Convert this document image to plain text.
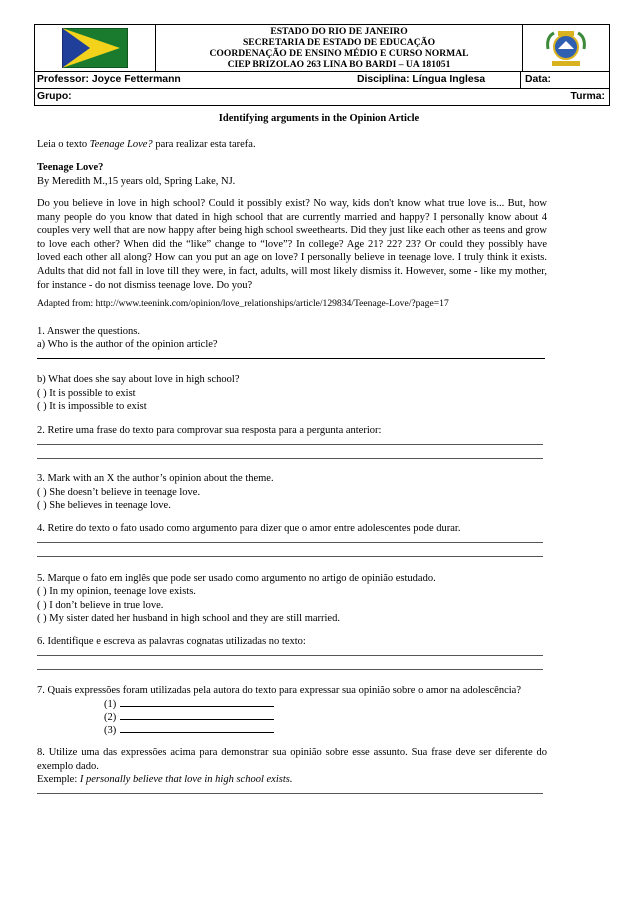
ESTADO DO RIO DE JANEIRO
SECRETARIA DE ESTADO DE EDUCAÇÃO
COORDENAÇÃO DE ENSINO MÉDIO E CURSO NORMAL
CIEP BRIZOLAO 263 LINA BO BARDI – UA 181051
Professor: Joyce Fettermann	Disciplina: Língua Inglesa	Data:
Grupo:	Turma:
Identifying arguments in the Opinion Article
Leia o texto Teenage Love? para realizar esta tarefa.
Teenage Love?
By Meredith M.,15 years old, Spring Lake, NJ.
Do you believe in love in high school? Could it possibly exist? No way, kids don't know what true love is... But, how many people do you know that dated in high school that are currently married and happy? I personally know about 4 couples very well that are now happy after being high school sweethearts. Did they just like each other as teens and grow to love each other? When did the “like” change to “love”? In college? Age 21? 22? 23? Or could they possibly have loved each other all along? How can you put an age on love? I personally believe in teenage love. I truly think it exists. Adults that did not fall in love till they were, in fact, adults, will most likely dismiss it. However, some - like my mother, for instance - do not dismiss teenage love. Do you?
Adapted from: http://www.teenink.com/opinion/love_relationships/article/129834/Teenage-Love/?page=17
1. Answer the questions.
a) Who is the author of the opinion article?
b) What does she say about love in high school?
( ) It is possible to exist
( ) It is impossible to exist
2. Retire uma frase do texto para comprovar sua resposta para a pergunta anterior:
3. Mark with an X the author’s opinion about the theme.
( ) She doesn’t believe in teenage love.
( ) She believes in teenage love.
4. Retire do texto o fato usado como argumento para dizer que o amor entre adolescentes pode durar.
5. Marque o fato em inglês que pode ser usado como argumento no artigo de opinião estudado.
( ) In my opinion, teenage love exists.
( ) I don’t believe in true love.
( ) My sister dated her husband in high school and they are still married.
6. Identifique e escreva as palavras cognatas utilizadas no texto:
7. Quais expressões foram utilizadas pela autora do texto para expressar sua opinião sobre o amor na adolescência?
(1)
(2)
(3)
8. Utilize uma das expressões acima para demonstrar sua opinião sobre esse assunto. Sua frase deve ser diferente do exemplo dado.
Exemple: I personally believe that love in high school exists.
